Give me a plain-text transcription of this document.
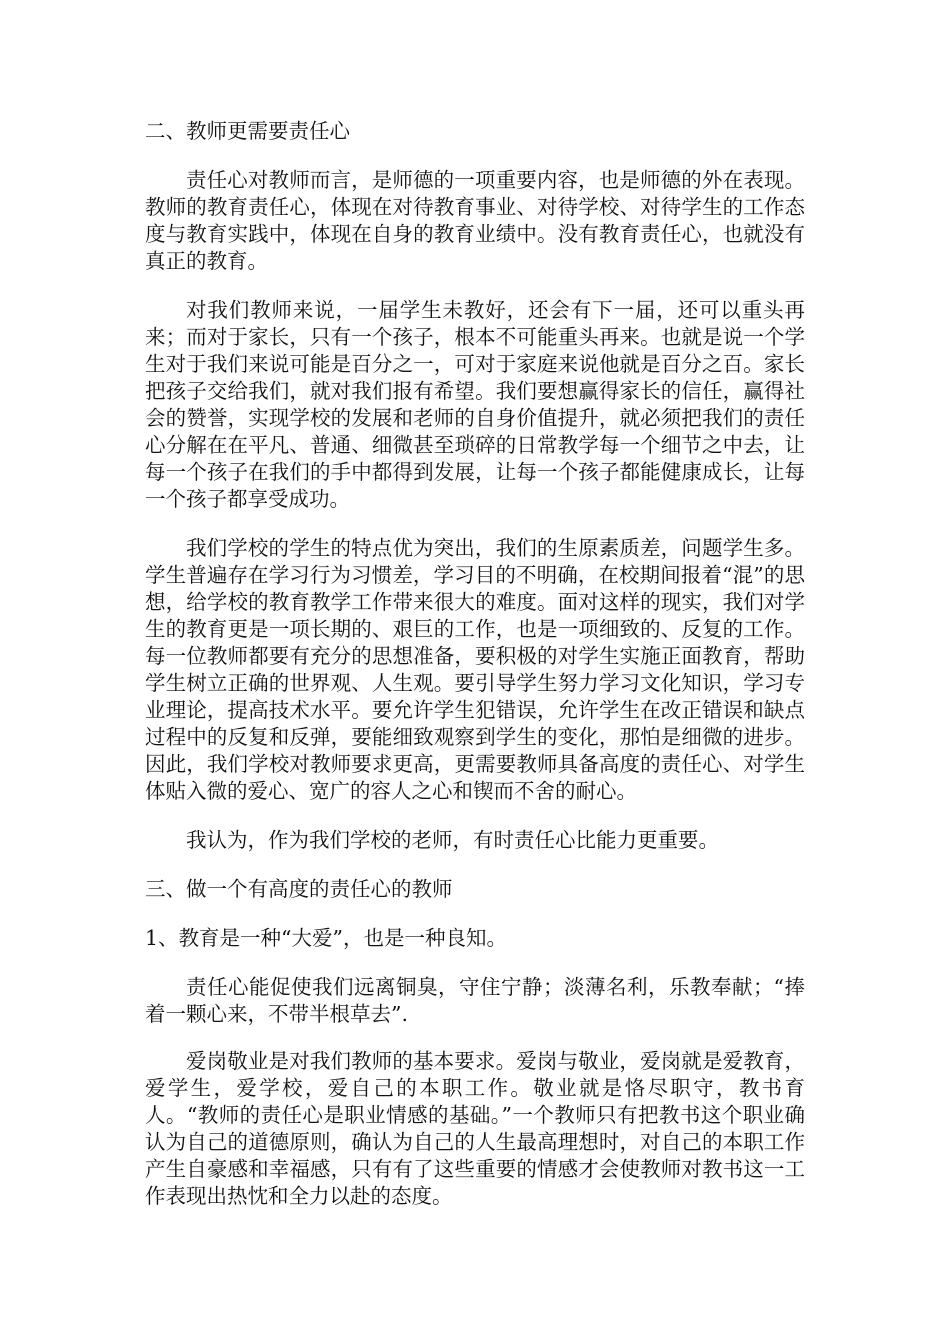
二、教师更需要责任心

责任心对教师而言，是师德的一项重要内容，也是师德的外在表现。教师的教育责任心，体现在对待教育事业、对待学校、对待学生的工作态度与教育实践中，体现在自身的教育业绩中。没有教育责任心，也就没有真正的教育。

对我们教师来说，一届学生未教好，还会有下一届，还可以重头再来；而对于家长，只有一个孩子，根本不可能重头再来。也就是说一个学生对于我们来说可能是百分之一，可对于家庭来说他就是百分之百。家长把孩子交给我们，就对我们报有希望。我们要想赢得家长的信任，赢得社会的赞誉，实现学校的发展和老师的自身价值提升，就必须把我们的责任心分解在在平凡、普通、细微甚至琐碎的日常教学每一个细节之中去，让每一个孩子在我们的手中都得到发展，让每一个孩子都能健康成长，让每一个孩子都享受成功。

我们学校的学生的特点优为突出，我们的生原素质差，问题学生多。学生普遍存在学习行为习惯差，学习目的不明确，在校期间报着“混”的思想，给学校的教育教学工作带来很大的难度。面对这样的现实，我们对学生的教育更是一项长期的、艰巨的工作，也是一项细致的、反复的工作。每一位教师都要有充分的思想准备，要积极的对学生实施正面教育，帮助学生树立正确的世界观、人生观。要引导学生努力学习文化知识，学习专业理论，提高技术水平。要允许学生犯错误，允许学生在改正错误和缺点过程中的反复和反弹，要能细致观察到学生的变化，那怕是细微的进步。因此，我们学校对教师要求更高，更需要教师具备高度的责任心、对学生体贴入微的爱心、宽广的容人之心和锲而不舍的耐心。

我认为，作为我们学校的老师，有时责任心比能力更重要。

三、做一个有高度的责任心的教师

1、教育是一种“大爱”，也是一种良知。

责任心能促使我们远离铜臭，守住宁静；淡薄名利，乐教奉献；“捧着一颗心来，不带半根草去”.

爱岗敬业是对我们教师的基本要求。爱岗与敬业，爱岗就是爱教育，爱学生，爱学校，爱自己的本职工作。敬业就是恪尽职守，教书育人。“教师的责任心是职业情感的基础。”一个教师只有把教书这个职业确认为自己的道德原则，确认为自己的人生最高理想时，对自己的本职工作产生自豪感和幸福感，只有有了这些重要的情感才会使教师对教书这一工作表现出热忱和全力以赴的态度。
